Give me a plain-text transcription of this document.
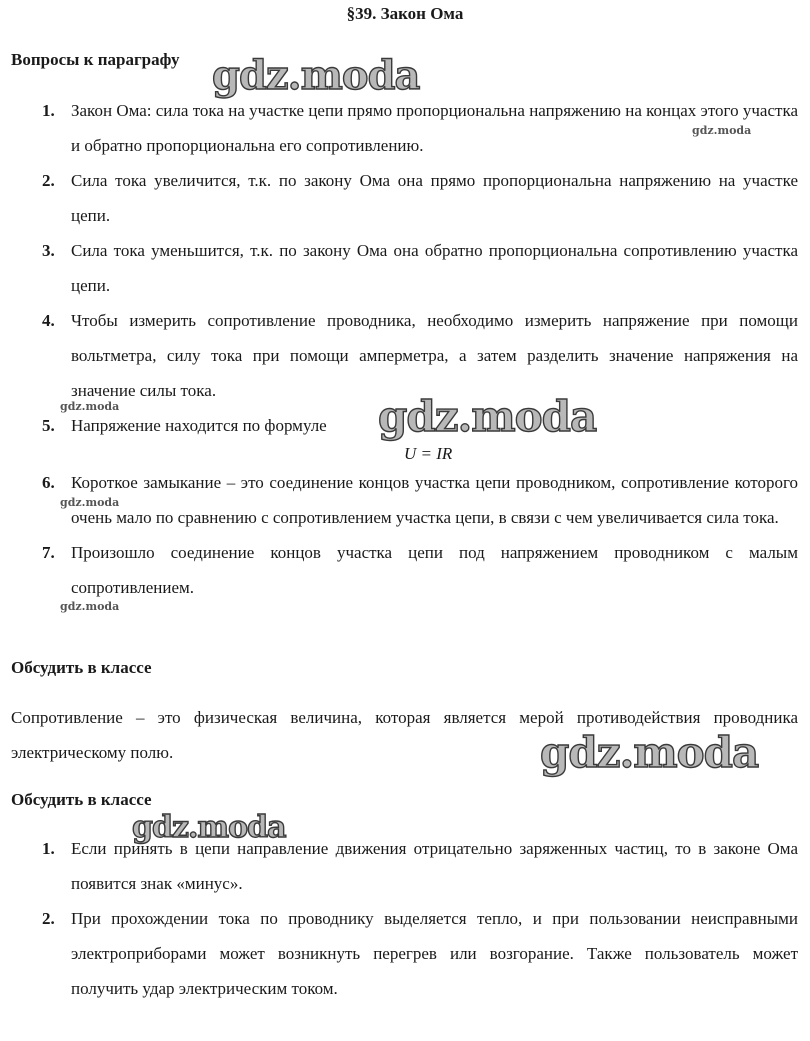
§39. Закон Ома
Вопросы к параграфу
1. Закон Ома: сила тока на участке цепи прямо пропорциональна напряжению на концах этого участка и обратно пропорциональна его сопротивлению.
2. Сила тока увеличится, т.к. по закону Ома она прямо пропорциональна напряжению на участке цепи.
3. Сила тока уменьшится, т.к. по закону Ома она обратно пропорциональна сопротивлению участка цепи.
4. Чтобы измерить сопротивление проводника, необходимо измерить напряжение при помощи вольтметра, силу тока при помощи амперметра, а затем разделить значение напряжения на значение силы тока.
5. Напряжение находится по формуле
6. Короткое замыкание – это соединение концов участка цепи проводником, сопротивление которого очень мало по сравнению с сопротивлением участка цепи, в связи с чем увеличивается сила тока.
7. Произошло соединение концов участка цепи под напряжением проводником с малым сопротивлением.
U = IR
Обсудить в классе

Сопротивление – это физическая величина, которая является мерой противодействия проводника электрическому полю.

Обсудить в классе
1. Если принять в цепи направление движения отрицательно заряженных частиц, то в законе Ома появится знак «минус».
2. При прохождении тока по проводнику выделяется тепло, и при пользовании неисправными электроприборами может возникнуть перегрев или возгорание. Также пользователь может получить удар электрическим током.
gdz.moda
gdz.moda
gdz.moda
gdz.moda
gdz.moda
gdz.moda
gdz.moda
gdz.moda
